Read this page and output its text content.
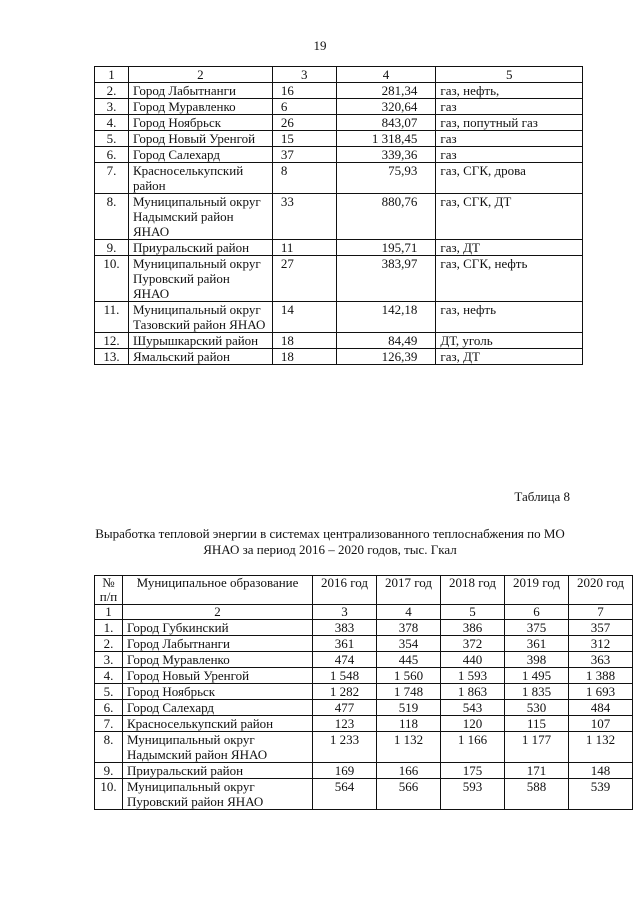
19
1	2	3	4	5
2.	Город Лабытнанги	16	281,34	газ, нефть,
3.	Город Муравленко	6	320,64	газ
4.	Город Ноябрьск	26	843,07	газ, попутный газ
5.	Город Новый Уренгой	15	1 318,45	газ
6.	Город Салехард	37	339,36	газ
7.	Красноселькупский район	8	75,93	газ, СГК, дрова
8.	Муниципальный округ Надымский район ЯНАО	33	880,76	газ, СГК, ДТ
9.	Приуральский район	11	195,71	газ, ДТ
10.	Муниципальный округ Пуровский район ЯНАО	27	383,97	газ, СГК, нефть
11.	Муниципальный округ Тазовский район ЯНАО	14	142,18	газ, нефть
12.	Шурышкарский район	18	84,49	ДТ, уголь
13.	Ямальский район	18	126,39	газ, ДТ
Таблица 8
Выработка тепловой энергии в системах централизованного теплоснабжения по МО ЯНАО за период 2016 – 2020 годов, тыс. Гкал
№ п/п	Муниципальное образование	2016 год	2017 год	2018 год	2019 год	2020 год
1	2	3	4	5	6	7
1.	Город Губкинский	383	378	386	375	357
2.	Город Лабытнанги	361	354	372	361	312
3.	Город Муравленко	474	445	440	398	363
4.	Город Новый Уренгой	1 548	1 560	1 593	1 495	1 388
5.	Город Ноябрьск	1 282	1 748	1 863	1 835	1 693
6.	Город Салехард	477	519	543	530	484
7.	Красноселькупский район	123	118	120	115	107
8.	Муниципальный округ Надымский район ЯНАО	1 233	1 132	1 166	1 177	1 132
9.	Приуральский район	169	166	175	171	148
10.	Муниципальный округ Пуровский район ЯНАО	564	566	593	588	539
